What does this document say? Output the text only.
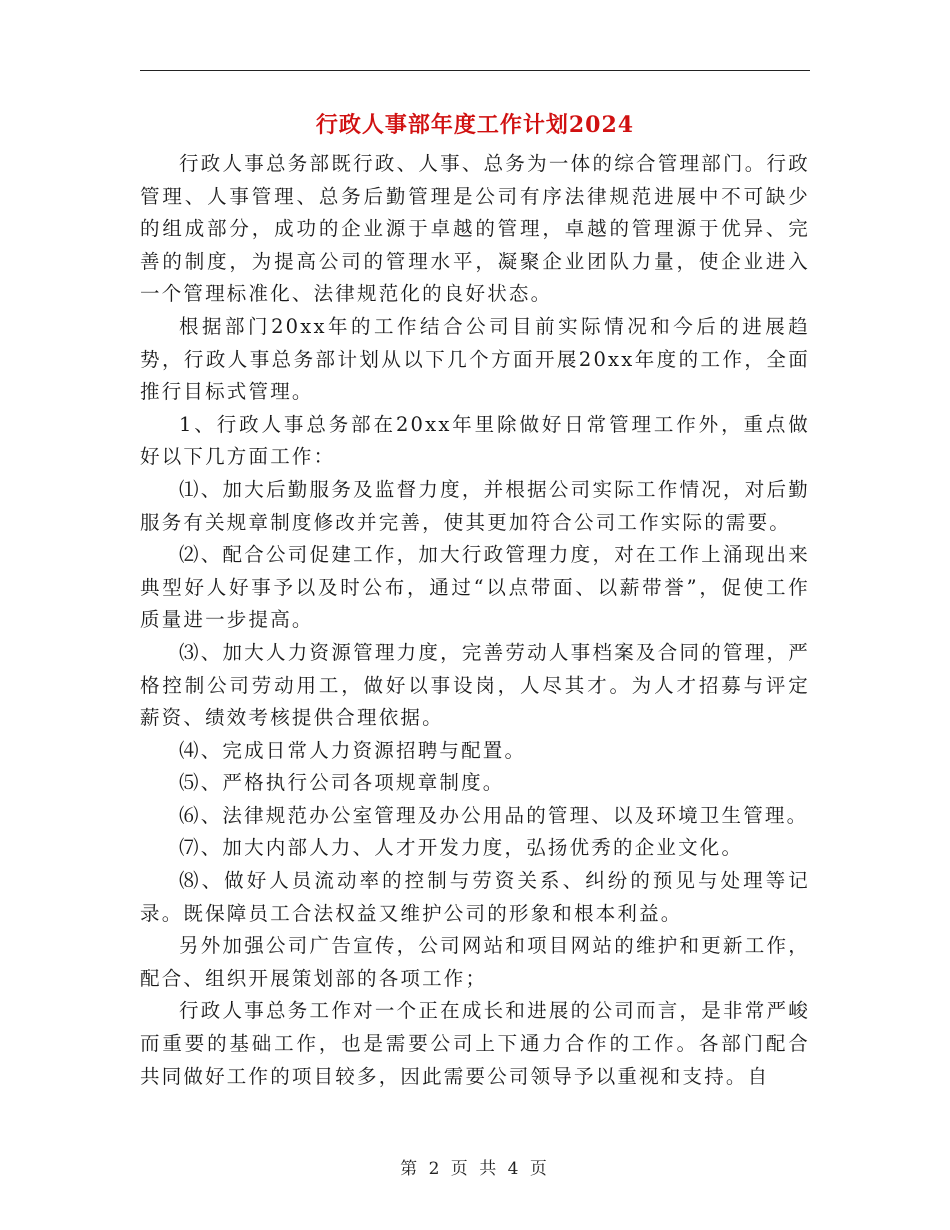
行政人事部年度工作计划2024

行政人事总务部既行政、人事、总务为一体的综合管理部门。行政管理、人事管理、总务后勤管理是公司有序法律规范进展中不可缺少的组成部分，成功的企业源于卓越的管理，卓越的管理源于优异、完善的制度，为提高公司的管理水平，凝聚企业团队力量，使企业进入一个管理标准化、法律规范化的良好状态。

根据部门20xx年的工作结合公司目前实际情况和今后的进展趋势，行政人事总务部计划从以下几个方面开展20xx年度的工作，全面推行目标式管理。

1、行政人事总务部在20xx年里除做好日常管理工作外，重点做好以下几方面工作：

⑴、加大后勤服务及监督力度，并根据公司实际工作情况，对后勤服务有关规章制度修改并完善，使其更加符合公司工作实际的需要。

⑵、配合公司促建工作，加大行政管理力度，对在工作上涌现出来典型好人好事予以及时公布，通过“以点带面、以薪带誉”，促使工作质量进一步提高。

⑶、加大人力资源管理力度，完善劳动人事档案及合同的管理，严格控制公司劳动用工，做好以事设岗，人尽其才。为人才招募与评定薪资、绩效考核提供合理依据。

⑷、完成日常人力资源招聘与配置。

⑸、严格执行公司各项规章制度。

⑹、法律规范办公室管理及办公用品的管理、以及环境卫生管理。

⑺、加大内部人力、人才开发力度，弘扬优秀的企业文化。

⑻、做好人员流动率的控制与劳资关系、纠纷的预见与处理等记录。既保障员工合法权益又维护公司的形象和根本利益。

另外加强公司广告宣传，公司网站和项目网站的维护和更新工作，配合、组织开展策划部的各项工作；

行政人事总务工作对一个正在成长和进展的公司而言，是非常严峻而重要的基础工作，也是需要公司上下通力合作的工作。各部门配合共同做好工作的项目较多，因此需要公司领导予以重视和支持。自

第 2 页 共 4 页
